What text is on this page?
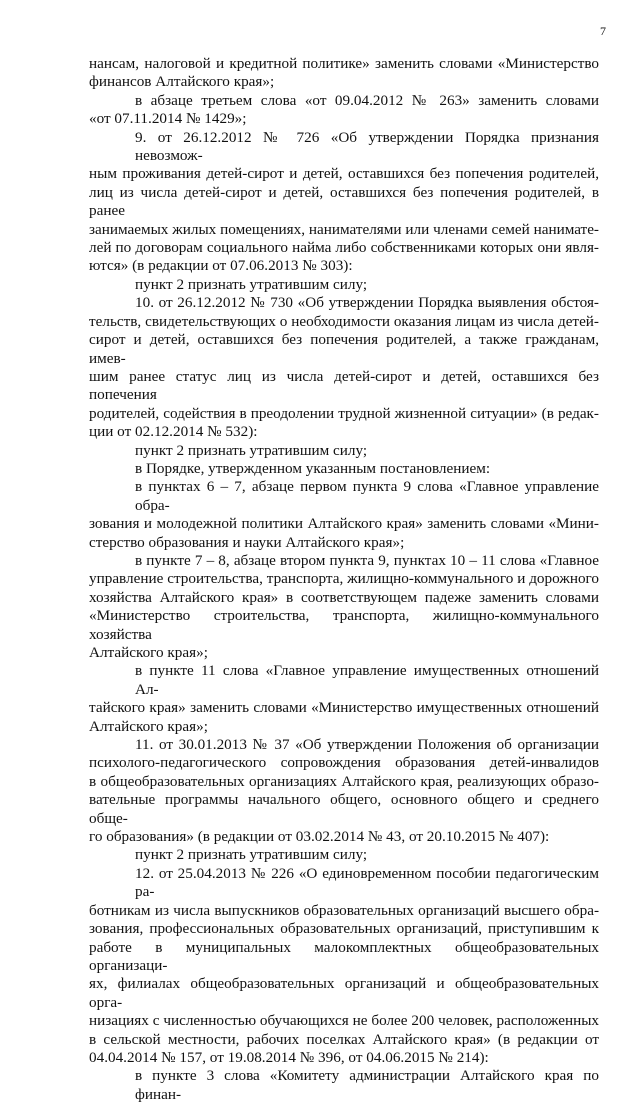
7
нансам, налоговой и кредитной политике» заменить словами «Министерство
финансов Алтайского края»;
в абзаце третьем слова «от 09.04.2012 № 263» заменить словами
«от 07.11.2014 № 1429»;
9. от 26.12.2012 № 726 «Об утверждении Порядка признания невозмож-
ным проживания детей-сирот и детей, оставшихся без попечения родителей,
лиц из числа детей-сирот и детей, оставшихся без попечения родителей, в ранее
занимаемых жилых помещениях, нанимателями или членами семей нанимате-
лей по договорам социального найма либо собственниками которых они явля-
ются» (в редакции от 07.06.2013 № 303):
пункт 2 признать утратившим силу;
10. от 26.12.2012 № 730 «Об утверждении Порядка выявления обстоя-
тельств, свидетельствующих о необходимости оказания лицам из числа детей-
сирот и детей, оставшихся без попечения родителей, а также гражданам, имев-
шим ранее статус лиц из числа детей-сирот и детей, оставшихся без попечения
родителей, содействия в преодолении трудной жизненной ситуации» (в редак-
ции от 02.12.2014 № 532):
пункт 2 признать утратившим силу;
в Порядке, утвержденном указанным постановлением:
в пунктах 6 – 7, абзаце первом пункта 9 слова «Главное управление обра-
зования и молодежной политики Алтайского края» заменить словами «Мини-
стерство образования и науки Алтайского края»;
в пункте 7 – 8, абзаце втором пункта 9, пунктах 10 – 11 слова «Главное
управление строительства, транспорта, жилищно-коммунального и дорожного
хозяйства Алтайского края» в соответствующем падеже заменить словами
«Министерство строительства, транспорта, жилищно-коммунального хозяйства
Алтайского края»;
в пункте 11 слова «Главное управление имущественных отношений Ал-
тайского края» заменить словами «Министерство имущественных отношений
Алтайского края»;
11. от 30.01.2013 № 37 «Об утверждении Положения об организации
психолого-педагогического сопровождения образования детей-инвалидов
в общеобразовательных организациях Алтайского края, реализующих образо-
вательные программы начального общего, основного общего и среднего обще-
го образования» (в редакции от 03.02.2014 № 43, от 20.10.2015 № 407):
пункт 2 признать утратившим силу;
12. от 25.04.2013 № 226 «О единовременном пособии педагогическим ра-
ботникам из числа выпускников образовательных организаций высшего обра-
зования, профессиональных образовательных организаций, приступившим к
работе в муниципальных малокомплектных общеобразовательных организаци-
ях, филиалах общеобразовательных организаций и общеобразовательных орга-
низациях с численностью обучающихся не более 200 человек, расположенных
в сельской местности, рабочих поселках Алтайского края» (в редакции от
04.04.2014 № 157, от 19.08.2014 № 396, от 04.06.2015 № 214):
в пункте 3 слова «Комитету администрации Алтайского края по финан-
